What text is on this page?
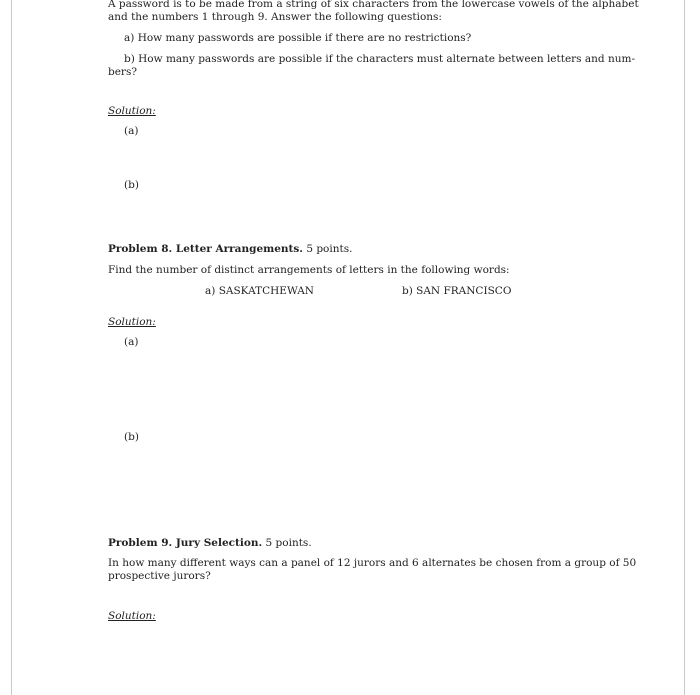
A password is to be made from a string of six characters from the lowercase vowels of the alphabet
and the numbers 1 through 9. Answer the following questions:
a) How many passwords are possible if there are no restrictions?
b) How many passwords are possible if the characters must alternate between letters and num-
bers?
Solution:
(a)
(b)
Problem 8. Letter Arrangements. 5 points.
Find the number of distinct arrangements of letters in the following words:
a) SASKATCHEWAN	b) SAN FRANCISCO
Solution:
(a)
(b)
Problem 9. Jury Selection. 5 points.
In how many different ways can a panel of 12 jurors and 6 alternates be chosen from a group of 50
prospective jurors?
Solution:
